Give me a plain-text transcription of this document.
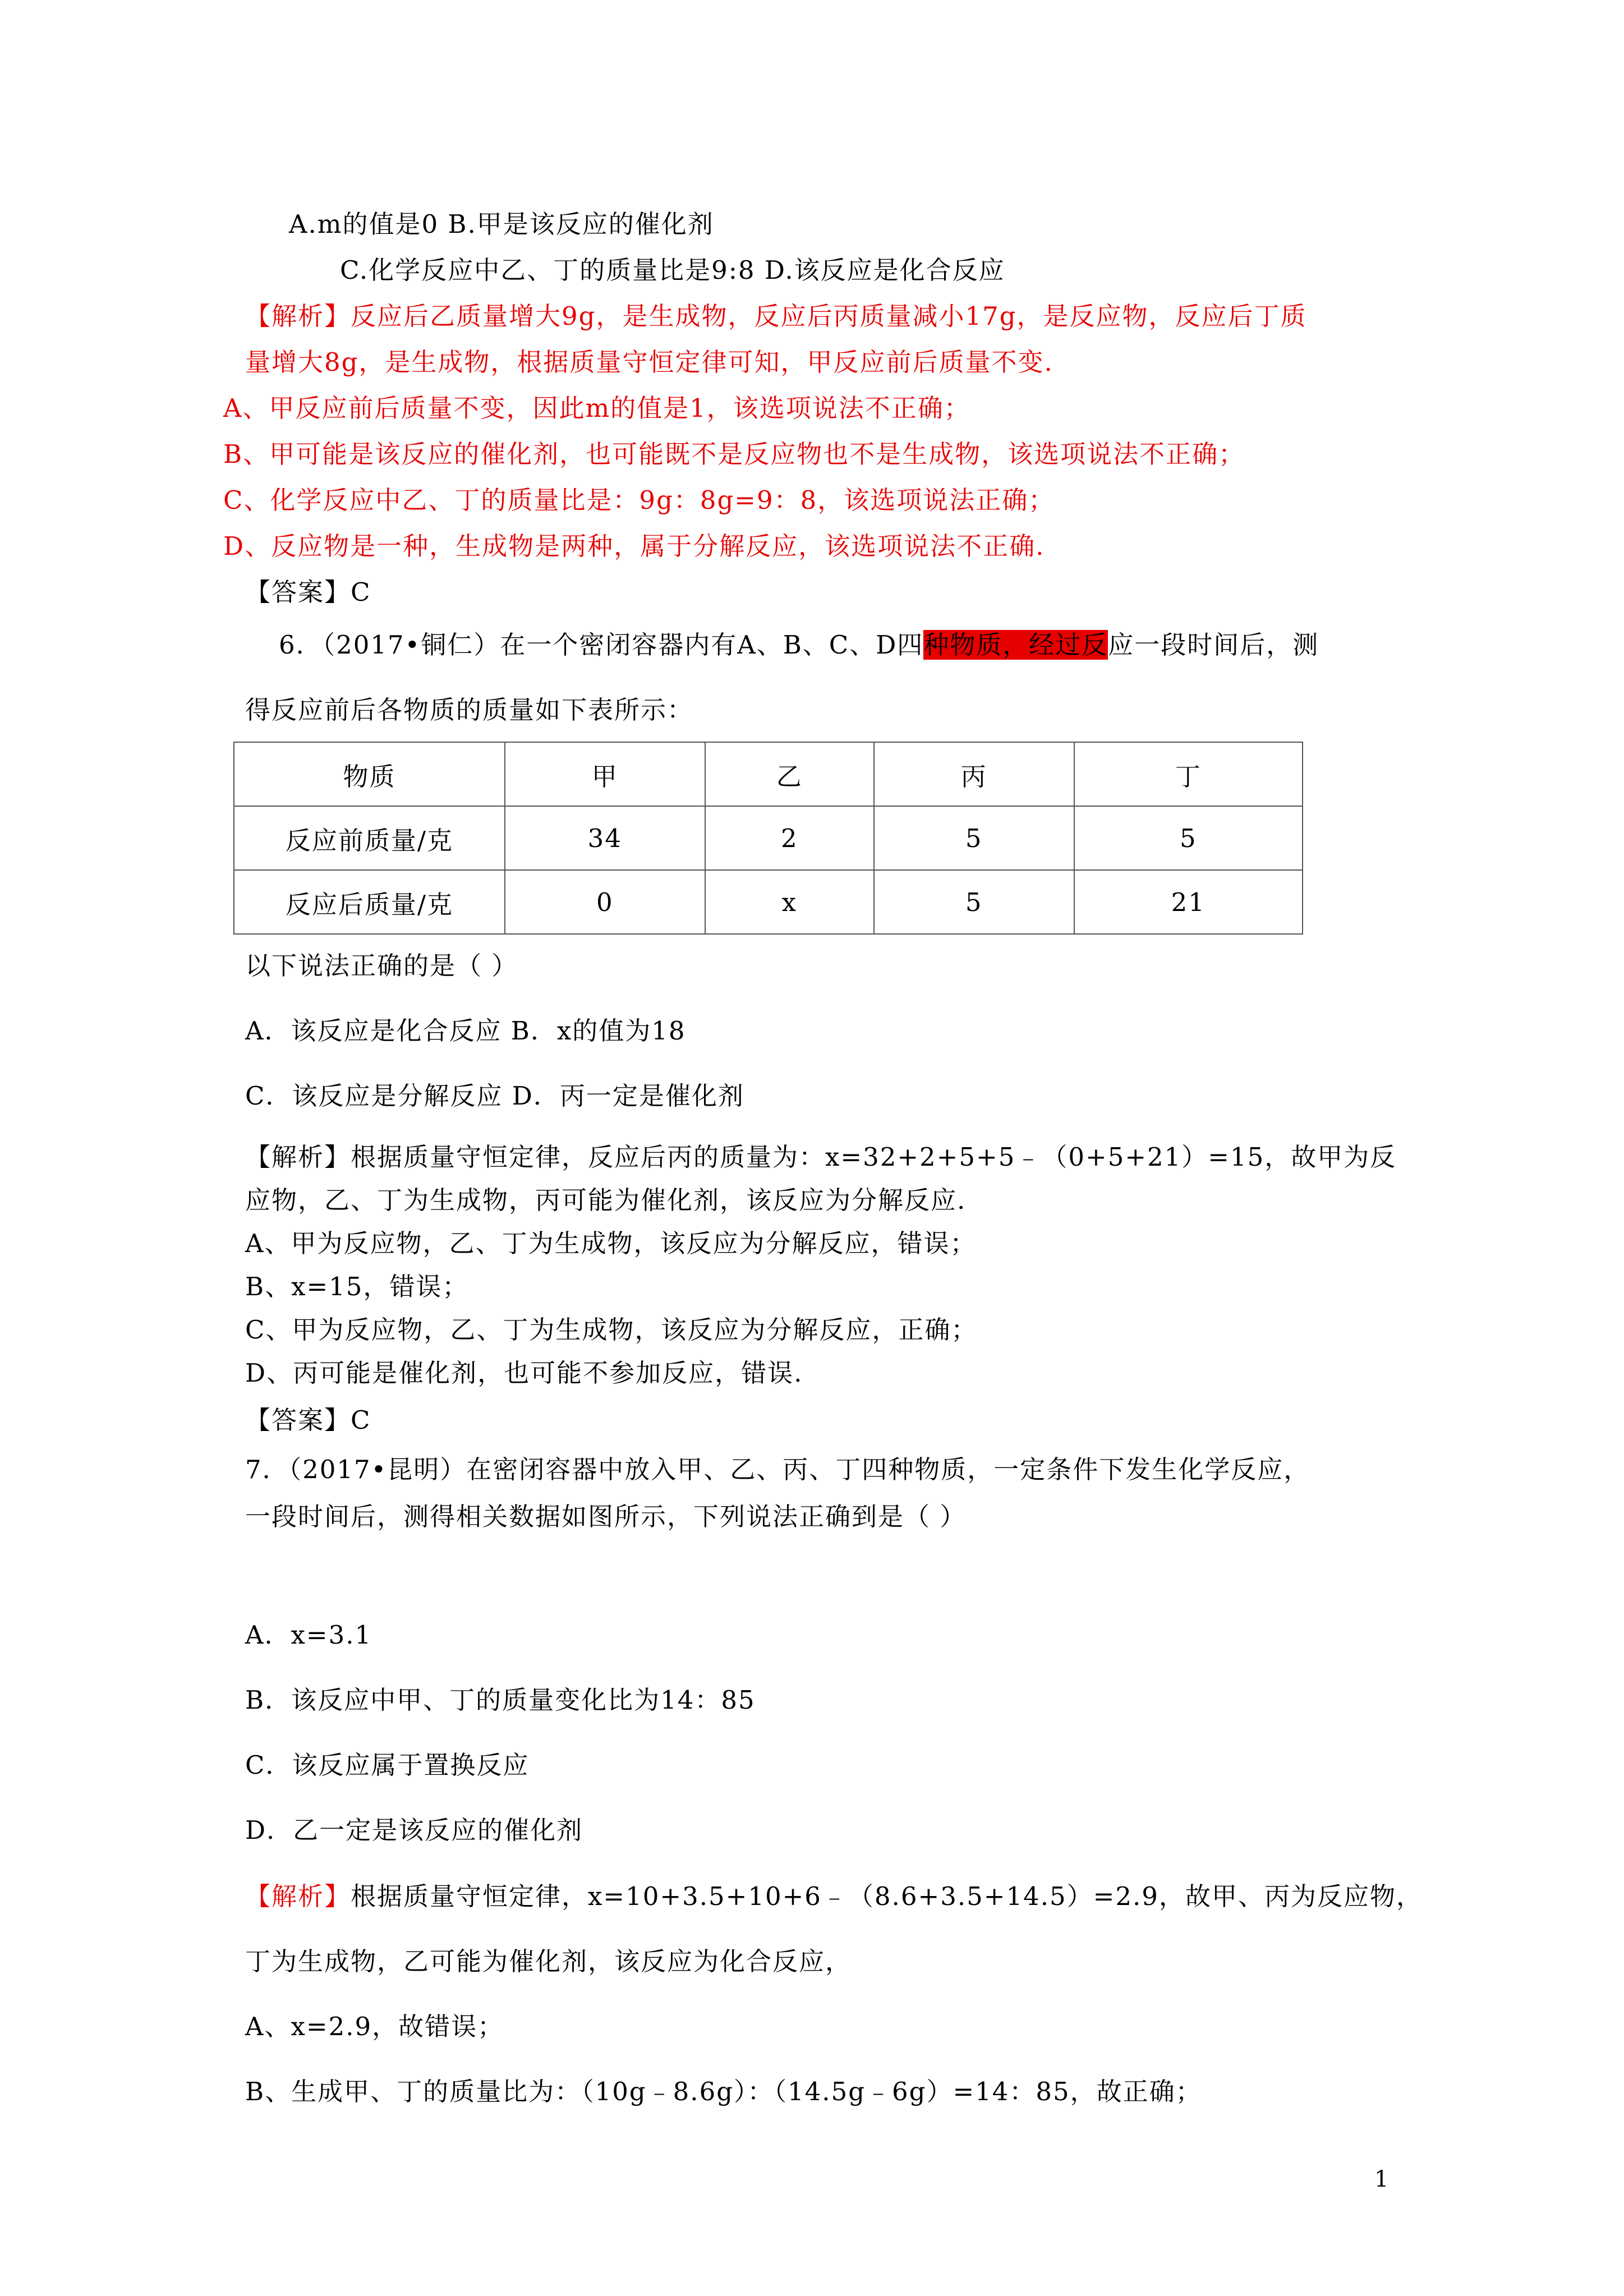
A.m的值是0 B.甲是该反应的催化剂
C.化学反应中乙、丁的质量比是9:8 D.该反应是化合反应
【解析】反应后乙质量增大9g，是生成物，反应后丙质量减小17g，是反应物，反应后丁质
量增大8g，是生成物，根据质量守恒定律可知，甲反应前后质量不变.
A、甲反应前后质量不变，因此m的值是1，该选项说法不正确；
B、甲可能是该反应的催化剂，也可能既不是反应物也不是生成物，该选项说法不正确；
C、化学反应中乙、丁的质量比是：9g：8g=9：8，该选项说法正确；
D、反应物是一种，生成物是两种，属于分解反应，该选项说法不正确.
【答案】C
6．（2017•铜仁）在一个密闭容器内有A、B、C、D四种物质，经过反应一段时间后，测
得反应前后各物质的质量如下表所示：
物质	甲	乙	丙	丁
反应前质量/克	34	2	5	5
反应后质量/克	0	x	5	21
以下说法正确的是（ ）
A．该反应是化合反应 B．x的值为18
C．该反应是分解反应 D．丙一定是催化剂
【解析】根据质量守恒定律，反应后丙的质量为：x=32+2+5+5﹣（0+5+21）=15，故甲为反
应物，乙、丁为生成物，丙可能为催化剂，该反应为分解反应.
A、甲为反应物，乙、丁为生成物，该反应为分解反应，错误；
B、x=15，错误；
C、甲为反应物，乙、丁为生成物，该反应为分解反应，正确；
D、丙可能是催化剂，也可能不参加反应，错误.
【答案】C
7．（2017•昆明）在密闭容器中放入甲、乙、丙、丁四种物质，一定条件下发生化学反应，
一段时间后，测得相关数据如图所示，下列说法正确到是（ ）
A．x=3.1
B．该反应中甲、丁的质量变化比为14：85
C．该反应属于置换反应
D．乙一定是该反应的催化剂
【解析】根据质量守恒定律，x=10+3.5+10+6﹣（8.6+3.5+14.5）=2.9，故甲、丙为反应物，
丁为生成物，乙可能为催化剂，该反应为化合反应，
A、x=2.9，故错误；
B、生成甲、丁的质量比为：（10g﹣8.6g）：（14.5g﹣6g）=14：85，故正确；
1
